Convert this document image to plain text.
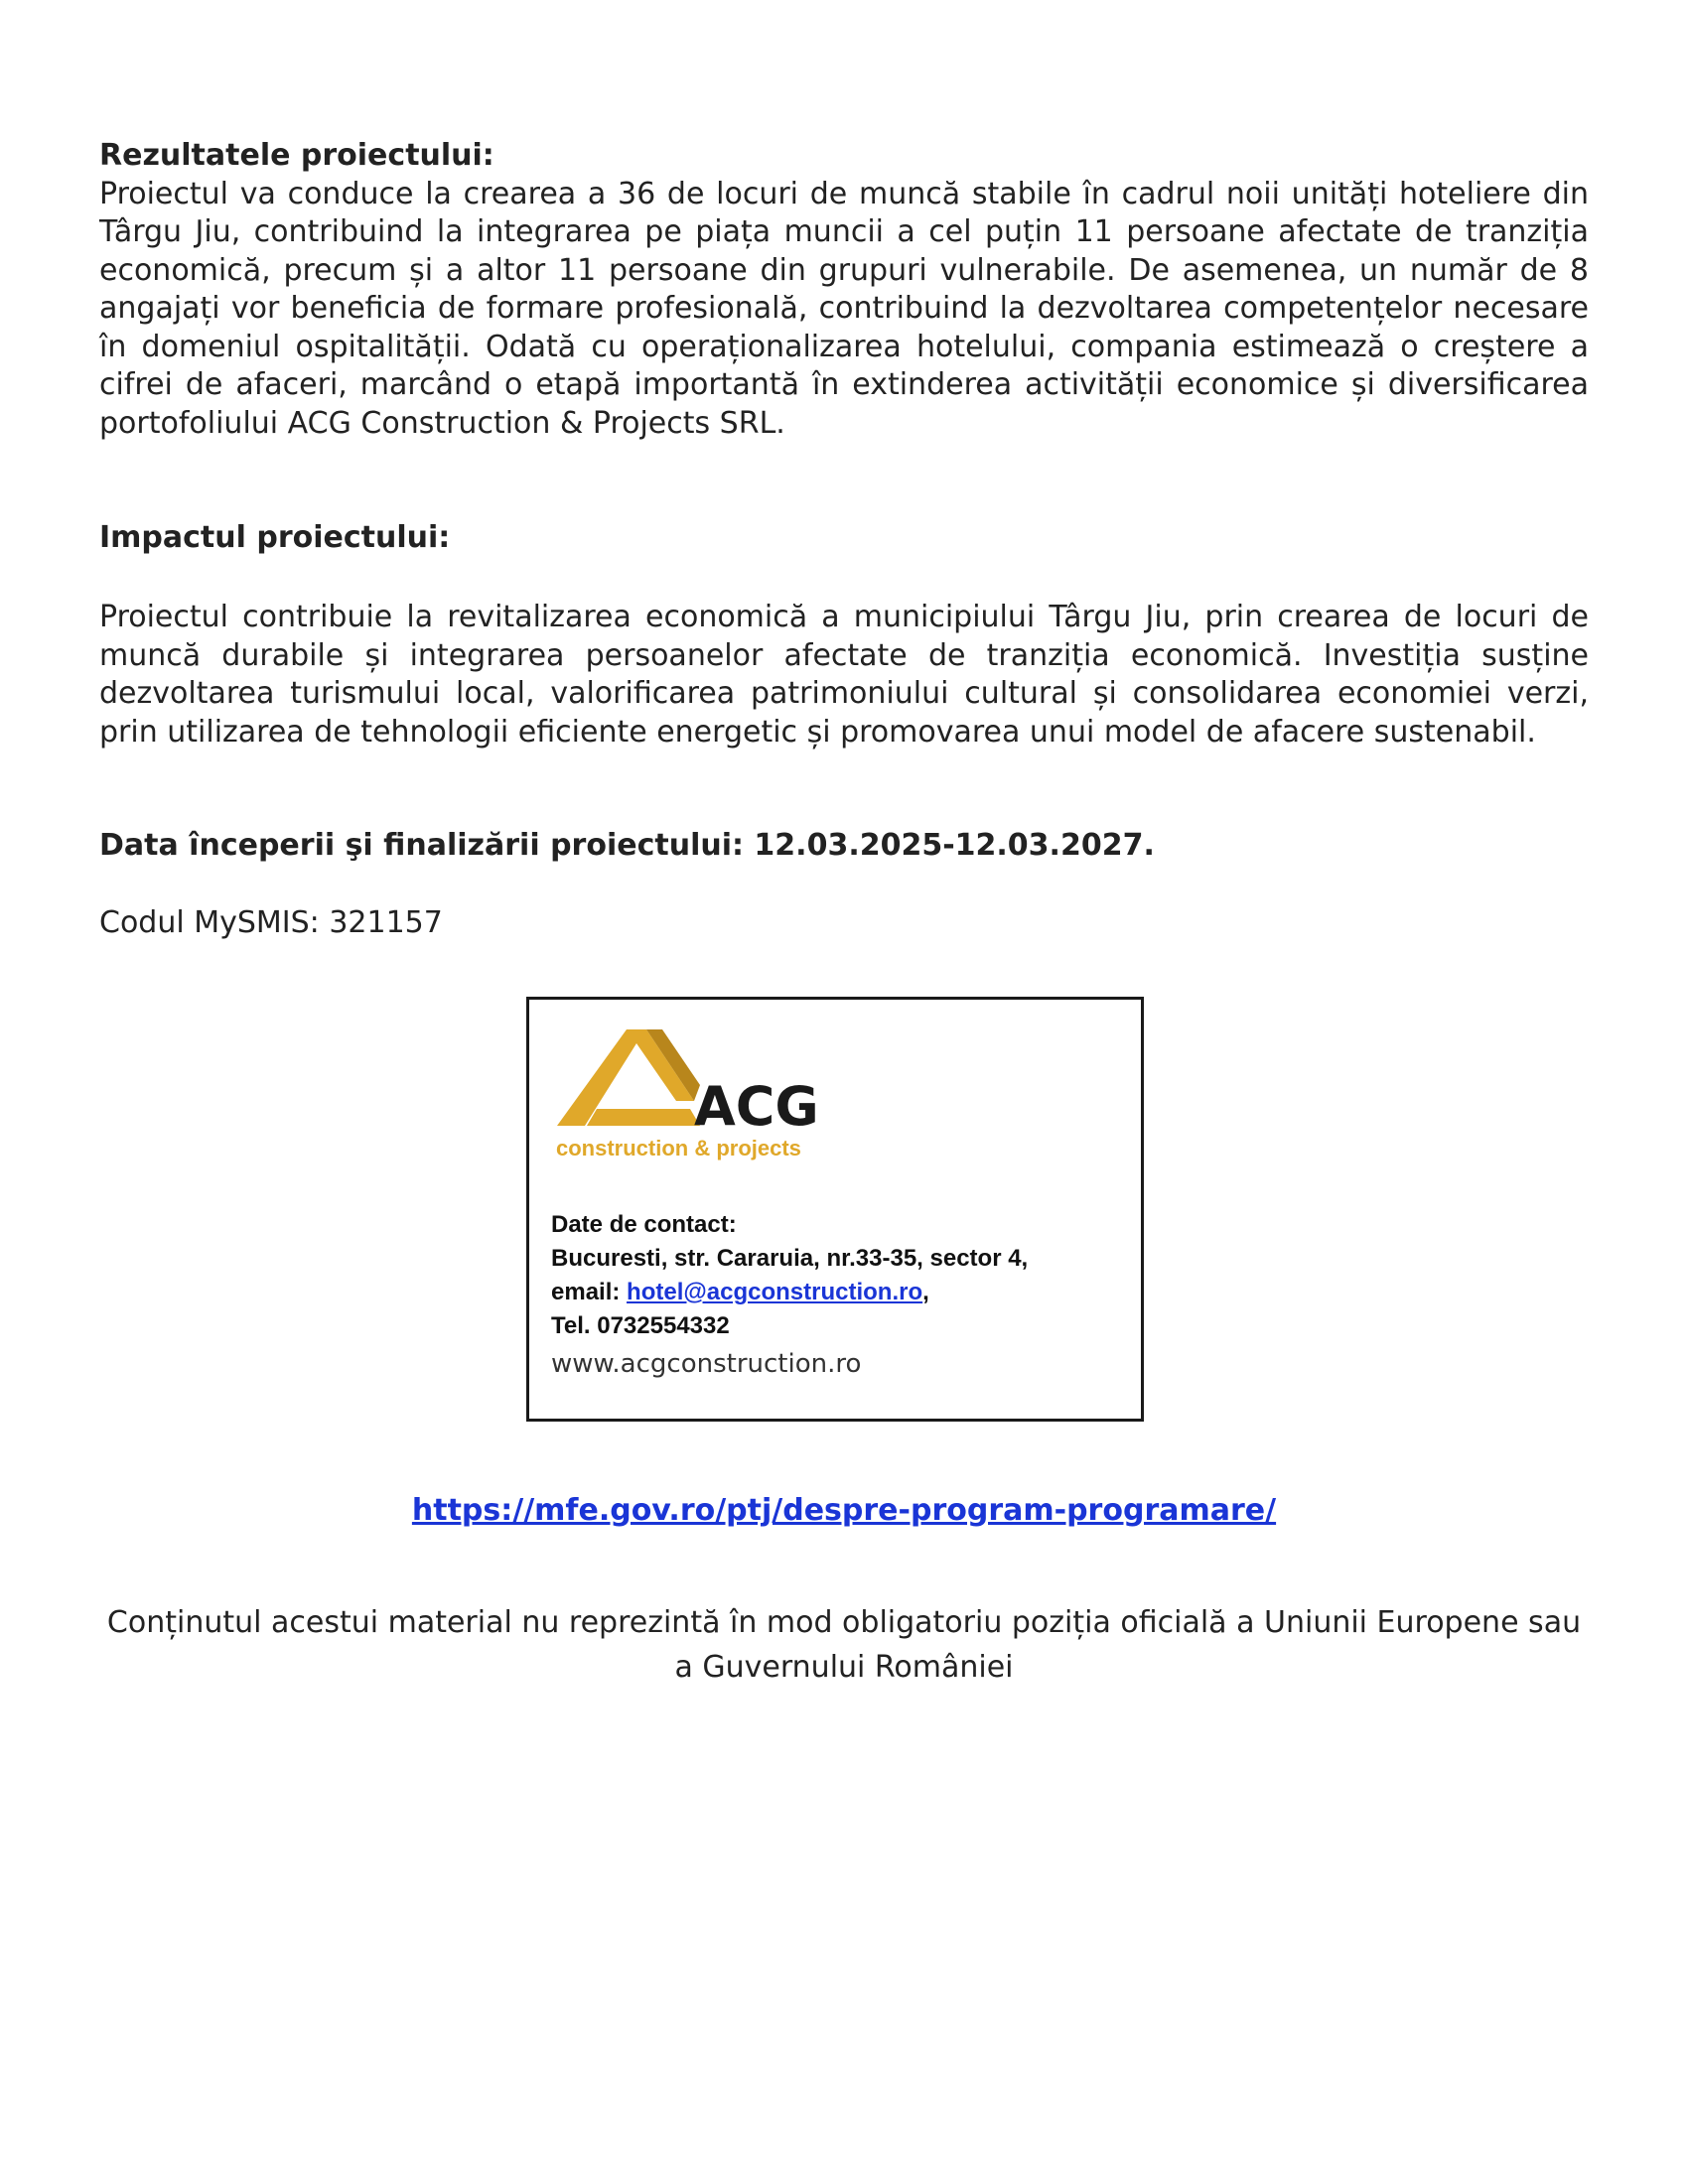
Rezultatele proiectului:
Proiectul va conduce la crearea a 36 de locuri de muncă stabile în cadrul noii unități hoteliere din Târgu Jiu, contribuind la integrarea pe piața muncii a cel puțin 11 persoane afectate de tranziția economică, precum și a altor 11 persoane din grupuri vulnerabile. De asemenea, un număr de 8 angajați vor beneficia de formare profesională, contribuind la dezvoltarea competențelor necesare în domeniul ospitalității. Odată cu operaționalizarea hotelului, compania estimează o creștere a cifrei de afaceri, marcând o etapă importantă în extinderea activității economice și diversificarea portofoliului ACG Construction & Projects SRL.
Impactul proiectului:
Proiectul contribuie la revitalizarea economică a municipiului Târgu Jiu, prin crearea de locuri de muncă durabile și integrarea persoanelor afectate de tranziția economică. Investiția susține dezvoltarea turismului local, valorificarea patrimoniului cultural și consolidarea economiei verzi, prin utilizarea de tehnologii eficiente energetic și promovarea unui model de afacere sustenabil.
Data începerii şi finalizării proiectului: 12.03.2025-12.03.2027.
Codul MySMIS: 321157
ACG
construction & projects
Date de contact:
Bucuresti, str. Cararuia, nr.33-35, sector 4,
email: hotel@acgconstruction.ro,
Tel. 0732554332
www.acgconstruction.ro
https://mfe.gov.ro/ptj/despre-program-programare/
Conținutul acestui material nu reprezintă în mod obligatoriu poziția oficială a Uniunii Europene sau a Guvernului României
